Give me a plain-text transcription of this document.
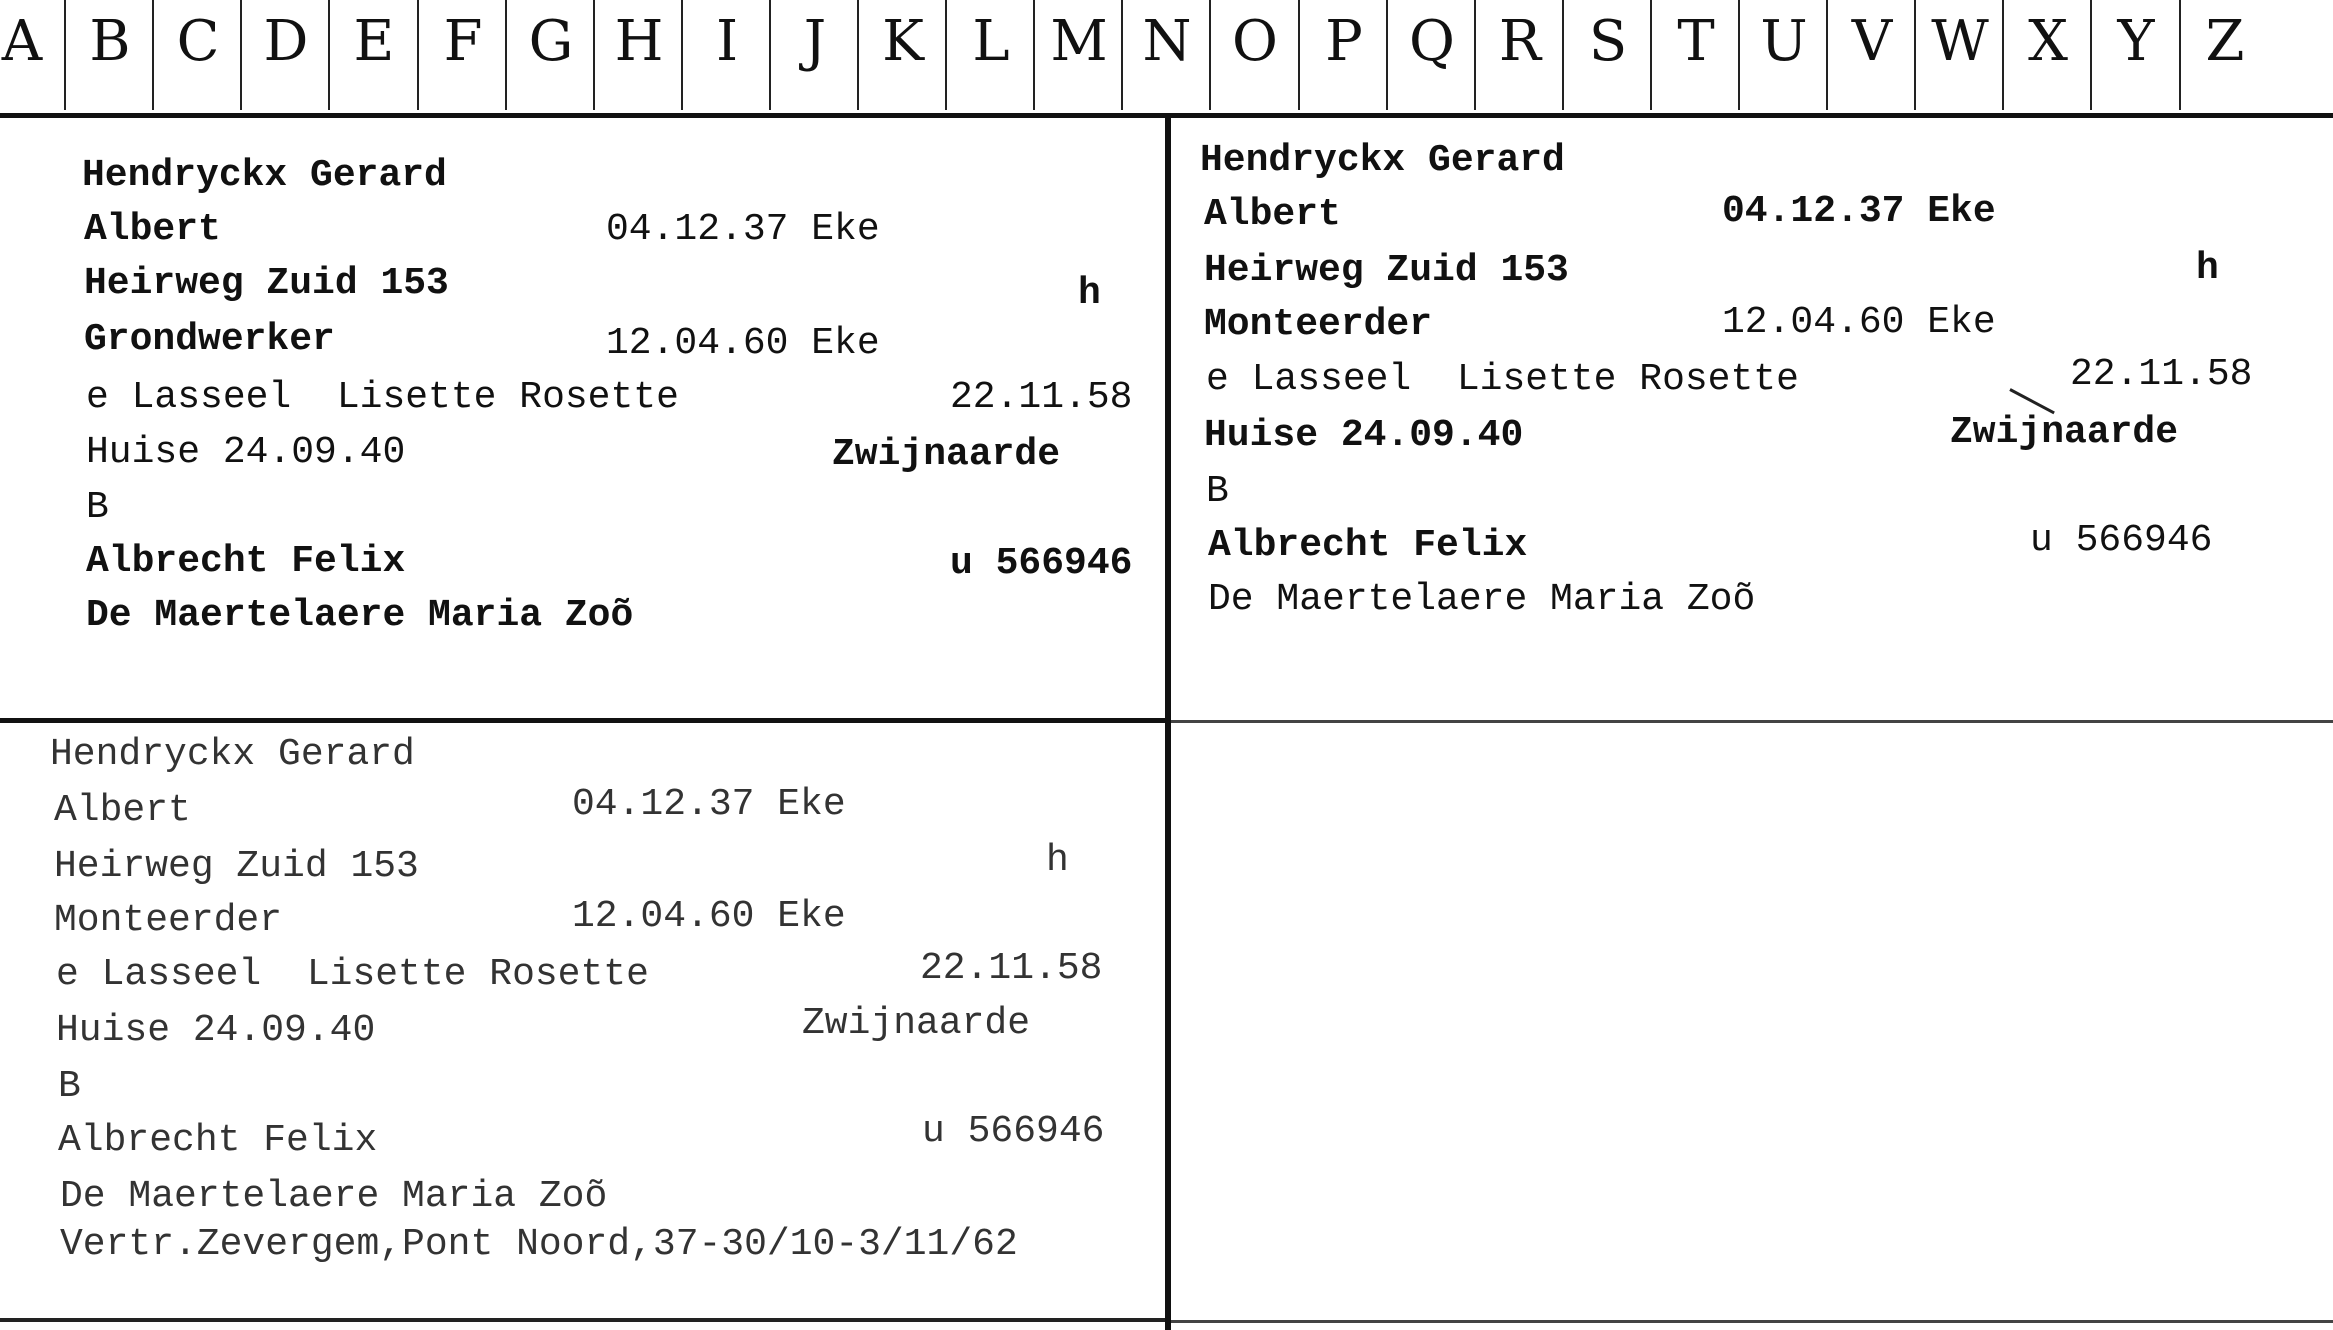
A B C D E F G H I	J K L M N O P Q R S T U V W X Y Z
Hendryckx Gerard
Albert	04.12.37 Eke
Heirweg Zuid 153	h
Grondwerker	12.04.60 Eke
e Lasseel  Lisette Rosette	22.11.58
Huise 24.09.40	Zwijnaarde
B
Albrecht Felix	u 566946
De Maertelaere Maria Zoõ
Hendryckx Gerard
Albert	04.12.37 Eke
Heirweg Zuid 153	h
Monteerder	12.04.60 Eke
e Lasseel  Lisette Rosette	22.11.58
Huise 24.09.40	Zwijnaarde
B
Albrecht Felix	u 566946
De Maertelaere Maria Zoõ
Hendryckx Gerard
Albert	04.12.37 Eke
Heirweg Zuid 153	h
Monteerder	12.04.60 Eke
e Lasseel  Lisette Rosette	22.11.58
Huise 24.09.40	Zwijnaarde
B
Albrecht Felix	u 566946
De Maertelaere Maria Zoõ
Vertr.Zevergem,Pont Noord,37-30/10-3/11/62
